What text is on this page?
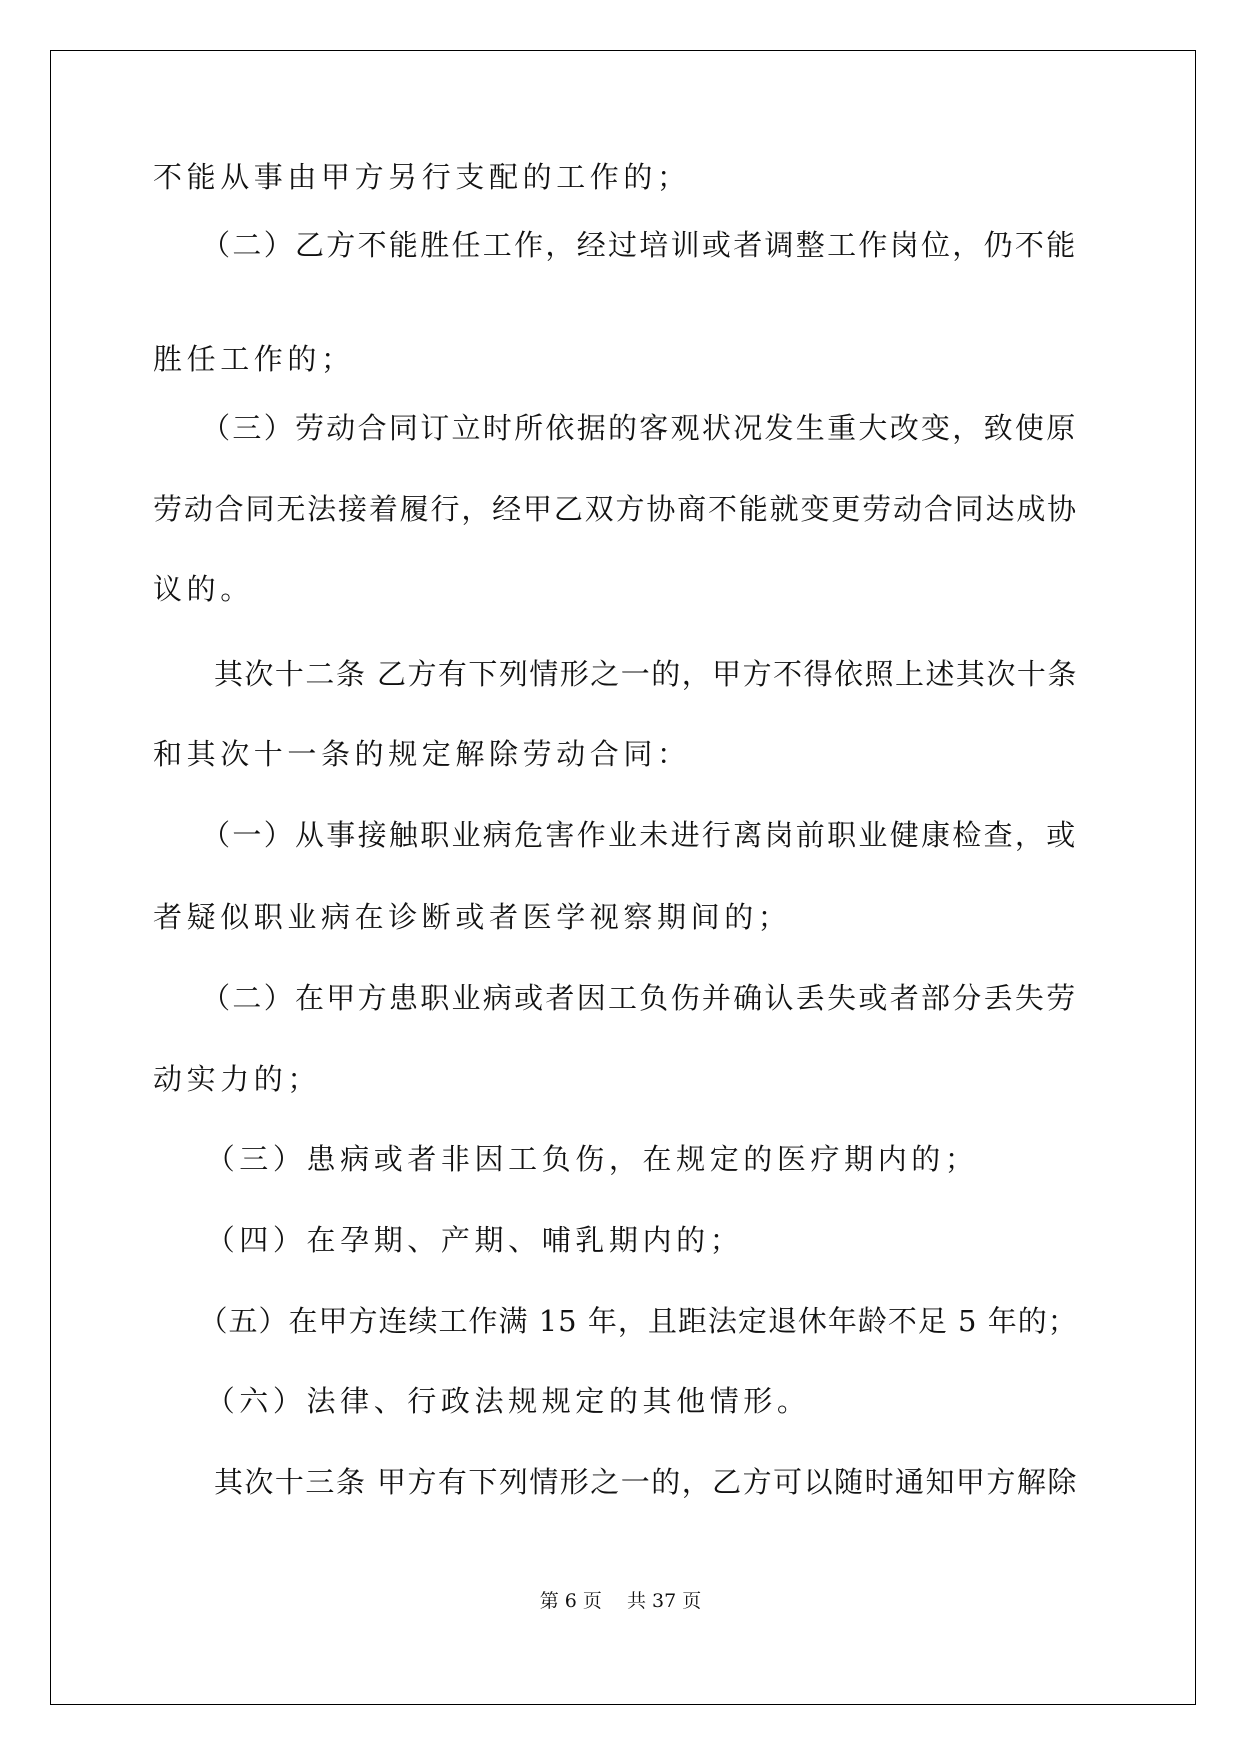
不能从事由甲方另行支配的工作的；

　　（二）乙方不能胜任工作，经过培训或者调整工作岗位，仍不能

胜任工作的；

　　（三）劳动合同订立时所依据的客观状况发生重大改变，致使原

劳动合同无法接着履行，经甲乙双方协商不能就变更劳动合同达成协

议的。

　　其次十二条 乙方有下列情形之一的，甲方不得依照上述其次十条

和其次十一条的规定解除劳动合同：

　　（一）从事接触职业病危害作业未进行离岗前职业健康检查，或

者疑似职业病在诊断或者医学视察期间的；

　　（二）在甲方患职业病或者因工负伤并确认丢失或者部分丢失劳

动实力的；

　　（三）患病或者非因工负伤，在规定的医疗期内的；

　　（四）在孕期、产期、哺乳期内的；

　　（五）在甲方连续工作满 15 年，且距法定退休年龄不足 5 年的；

　　（六）法律、行政法规规定的其他情形。

　　其次十三条 甲方有下列情形之一的，乙方可以随时通知甲方解除

第 6 页　 共 37 页
